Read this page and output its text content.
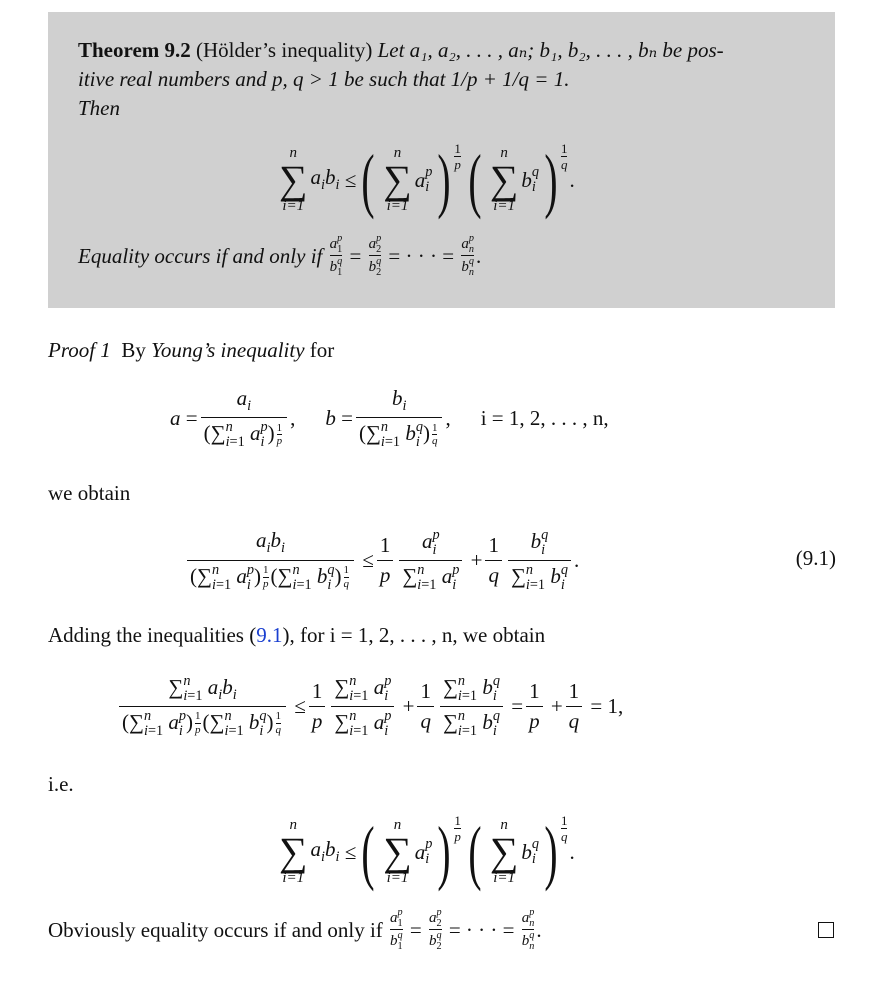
Theorem 9.2 (Hölder’s inequality) Let a₁, a₂, . . . , aₙ; b₁, b₂, . . . , bₙ be pos-
itive real numbers and p, q > 1 be such that 1/p + 1/q = 1.
Then
n
∑
i=1
$a_ib_i$ ≤ ( n
∑
i=1
a p
i ) $\frac{1}{p}$ ( n
∑
i=1
b q
i ) $\frac{1}{q}$
.
Equality occurs if and only if
a p
1
b q
1
= a p
2
b q
2
= · · · = a p
n
b q
n
.
Proof 1 By Young’s inequality for
$a = a_i$
(∑ n
i=1 a p
i ) $\frac{1}{p}$ , $b = b_i$
(∑ n
i=1 b q
i ) $\frac{1}{q}$ , i = 1, 2, . . . , n,
we obtain
$a_ib_i$
(∑ n
i=1 a p
i ) $\frac{1}{p}$ (∑ n
i=1 b q
i ) $\frac{1}{q} \le \frac{1}{p}$ a p
i
∑ n
i=1 a p
$i + \frac{1}{q}$ b q
i
∑ n
i=1 b q
i .	(9.1)
Adding the inequalities (9.1), for i = 1, 2, . . . , n, we obtain
∑ n
i=1 $a_ib_i$
(∑ n
i=1 a p
i ) $\frac{1}{p}$ (∑ n
i=1 b q
i ) $\frac{1}{q} \le \frac{1}{p}$ ∑ n
i=1 a p
i
∑ n
i=1 a p
$i + \frac{1}{q}$ ∑ n
i=1 b q
i
∑ n
i=1 b q
$i = \frac{1}{p} + \frac{1}{q} = 1$,
i.e.
n
∑
i=1
$a_ib_i$ ≤ ( n
∑
i=1
a p
i ) $\frac{1}{p}$ ( n
∑
i=1
b q
i ) $\frac{1}{q}$
.
Obviously equality occurs if and only if
a p
1
b q
1
= a p
2
b q
2
= · · · = a p
n
b q
n
.
